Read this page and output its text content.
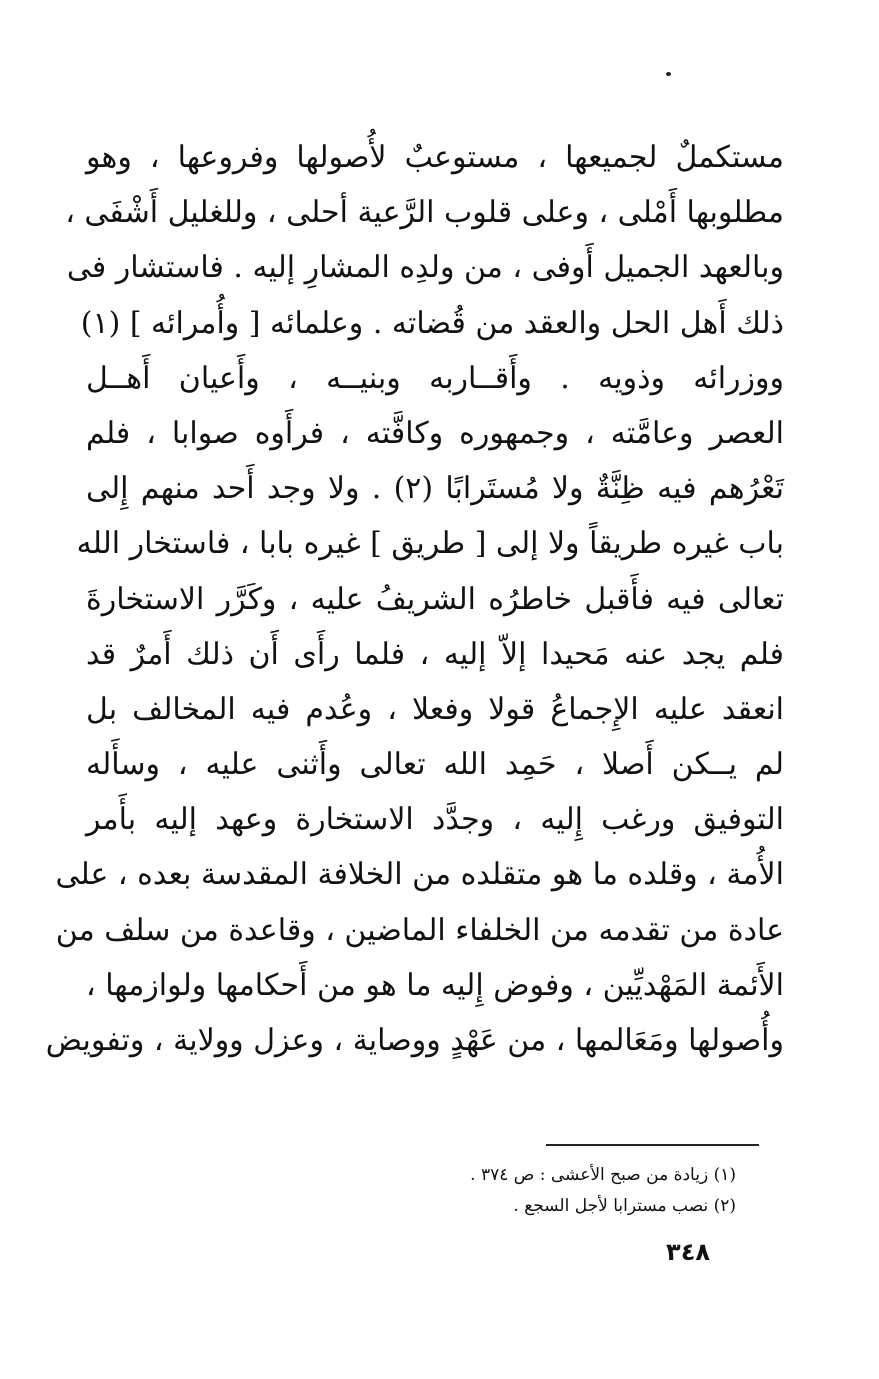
مستكملٌ لجميعها ، مستوعبٌ لأُصولها وفروعها ، وهو
مطلوبها أَمْلى ، وعلى قلوب الرَّعية أحلى ، وللغليل أَشْفَى ،
وبالعهد الجميل أَوفى ، من ولدِه المشارِ إليه . فاستشار فى
ذلك أَهل الحل والعقد من قُضاته . وعلمائه [ وأُمرائه ] (١)
ووزرائه وذويه . وأَقــاربه وبنيــه ، وأَعيان أَهــل
العصر وعامَّته ، وجمهوره وكافَّته ، فرأَوه صوابا ، فلم
تَعْرُهم فيه ظِنَّةٌ ولا مُستَرابًا (٢) . ولا وجد أَحد منهم إِلى
باب غيره طريقاً ولا إلى [ طريق ] غيره بابا ، فاستخار الله
تعالى فيه فأَقبل خاطرُه الشريفُ عليه ، وكَرَّر الاستخارةَ
فلم يجد عنه مَحيدا إلاّ إليه ، فلما رأَى أَن ذلك أَمرٌ قد
انعقد عليه الإِجماعُ قولا وفعلا ، وعُدم فيه المخالف بل
لم يــكن أَصلا ، حَمِد الله تعالى وأَثنى عليه ، وسأَله
التوفيق ورغب إِليه ، وجدَّد الاستخارة وعهد إليه بأَمر
الأُمة ، وقلده ما هو متقلده من الخلافة المقدسة بعده ، على
عادة من تقدمه من الخلفاء الماضين ، وقاعدة من سلف من
الأَئمة المَهْديِّين ، وفوض إِليه ما هو من أَحكامها ولوازمها ،
وأُصولها ومَعَالمها ، من عَهْدٍ ووصاية ، وعزل وولاية ، وتفويض
(١) زيادة من صبح الأعشى : ص ٣٧٤ .
(٢) نصب مسترابا لأجل السجع .
٣٤٨
